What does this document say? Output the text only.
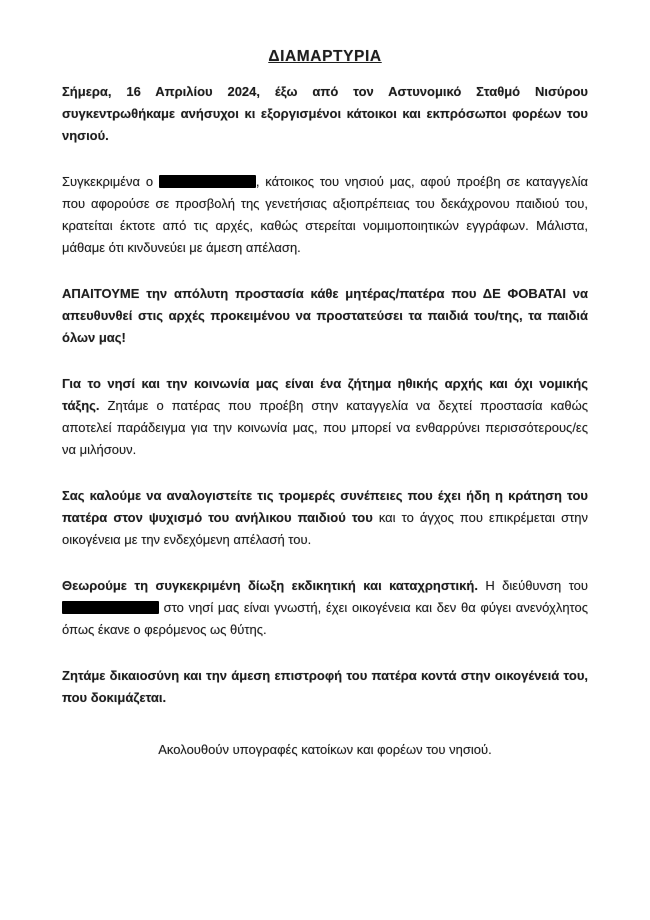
ΔΙΑΜΑΡΤΥΡΙΑ

Σήμερα, 16 Απριλίου 2024, έξω από τον Αστυνομικό Σταθμό Νισύρου συγκεντρωθήκαμε ανήσυχοι κι εξοργισμένοι κάτοικοι και εκπρόσωποι φορέων του νησιού.

Συγκεκριμένα ο	, κάτοικος του νησιού μας, αφού προέβη σε καταγγελία που αφορούσε σε προσβολή της γενετήσιας αξιοπρέπειας του δεκάχρονου παιδιού του, κρατείται έκτοτε από τις αρχές, καθώς στερείται νομιμοποιητικών εγγράφων. Μάλιστα, μάθαμε ότι κινδυνεύει με άμεση απέλαση.

ΑΠΑΙΤΟΥΜΕ την απόλυτη προστασία κάθε μητέρας/πατέρα που ΔΕ ΦΟΒΑΤΑΙ να απευθυνθεί στις αρχές προκειμένου να προστατεύσει τα παιδιά του/της, τα παιδιά όλων μας!

Για το νησί και την κοινωνία μας είναι ένα ζήτημα ηθικής αρχής και όχι νομικής τάξης. Ζητάμε ο πατέρας που προέβη στην καταγγελία να δεχτεί προστασία καθώς αποτελεί παράδειγμα για την κοινωνία μας, που μπορεί να ενθαρρύνει περισσότερους/ες να μιλήσουν.

Σας καλούμε να αναλογιστείτε τις τρομερές συνέπειες που έχει ήδη η κράτηση του πατέρα στον ψυχισμό του ανήλικου παιδιού του και το άγχος που επικρέμεται στην οικογένεια με την ενδεχόμενη απέλασή του.

Θεωρούμε τη συγκεκριμένη δίωξη εκδικητική και καταχρηστική. Η διεύθυνση του  στο νησί μας είναι γνωστή, έχει οικογένεια και δεν θα φύγει ανενόχλητος όπως έκανε ο φερόμενος ως θύτης.

Ζητάμε δικαιοσύνη και την άμεση επιστροφή του πατέρα κοντά στην οικογένειά του, που δοκιμάζεται.

Ακολουθούν υπογραφές κατοίκων και φορέων του νησιού.
